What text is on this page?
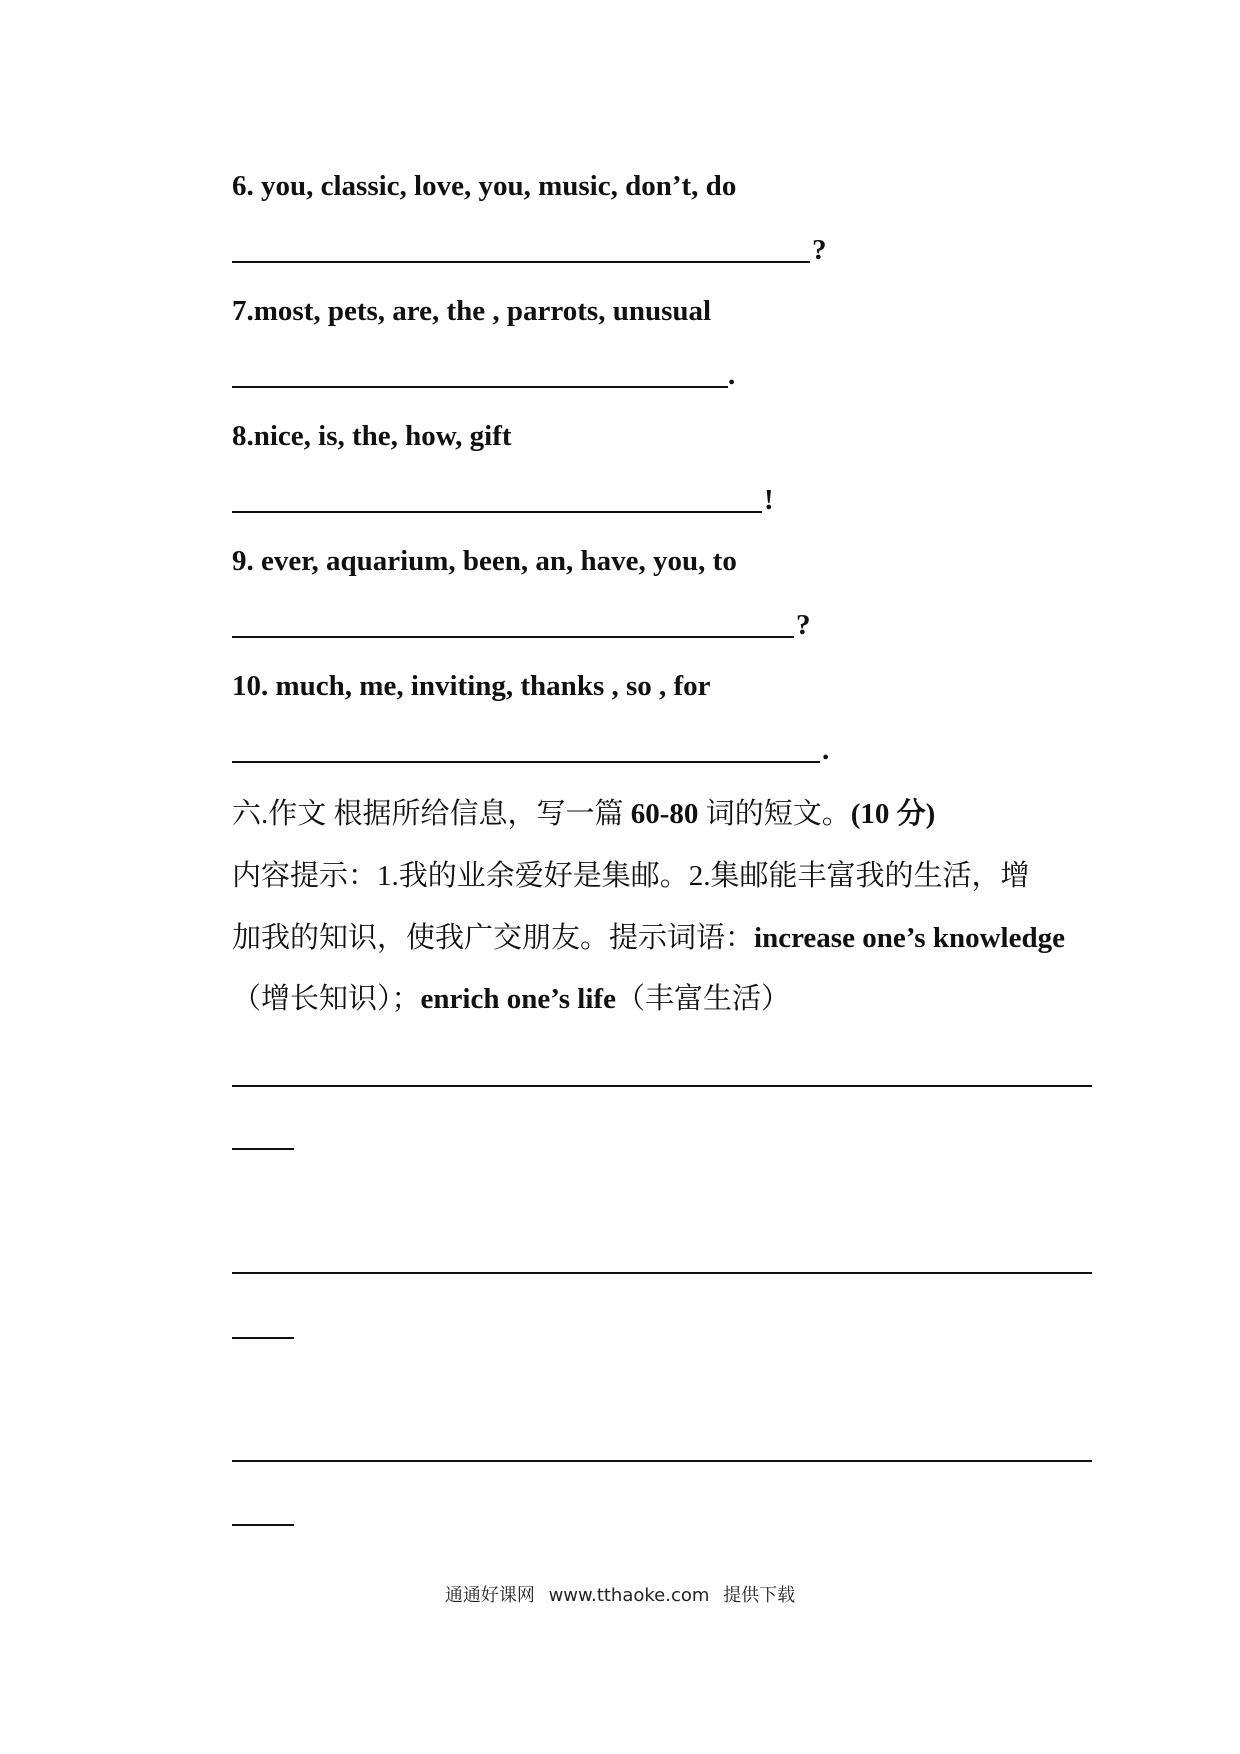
6. you, classic, love, you, music, don’t, do
?
7.most, pets, are, the , parrots, unusual
.
8.nice, is, the, how, gift
!
9. ever, aquarium, been, an, have, you, to
?
10. much, me, inviting, thanks , so , for
.
六.作文 根据所给信息，写一篇 60-80 词的短文。(10 分)
内容提示：1.我的业余爱好是集邮。2.集邮能丰富我的生活，增
加我的知识，使我广交朋友。提示词语：increase one’s knowledge
（增长知识）；enrich one’s life（丰富生活）
通通好课网 www.tthaoke.com 提供下载
